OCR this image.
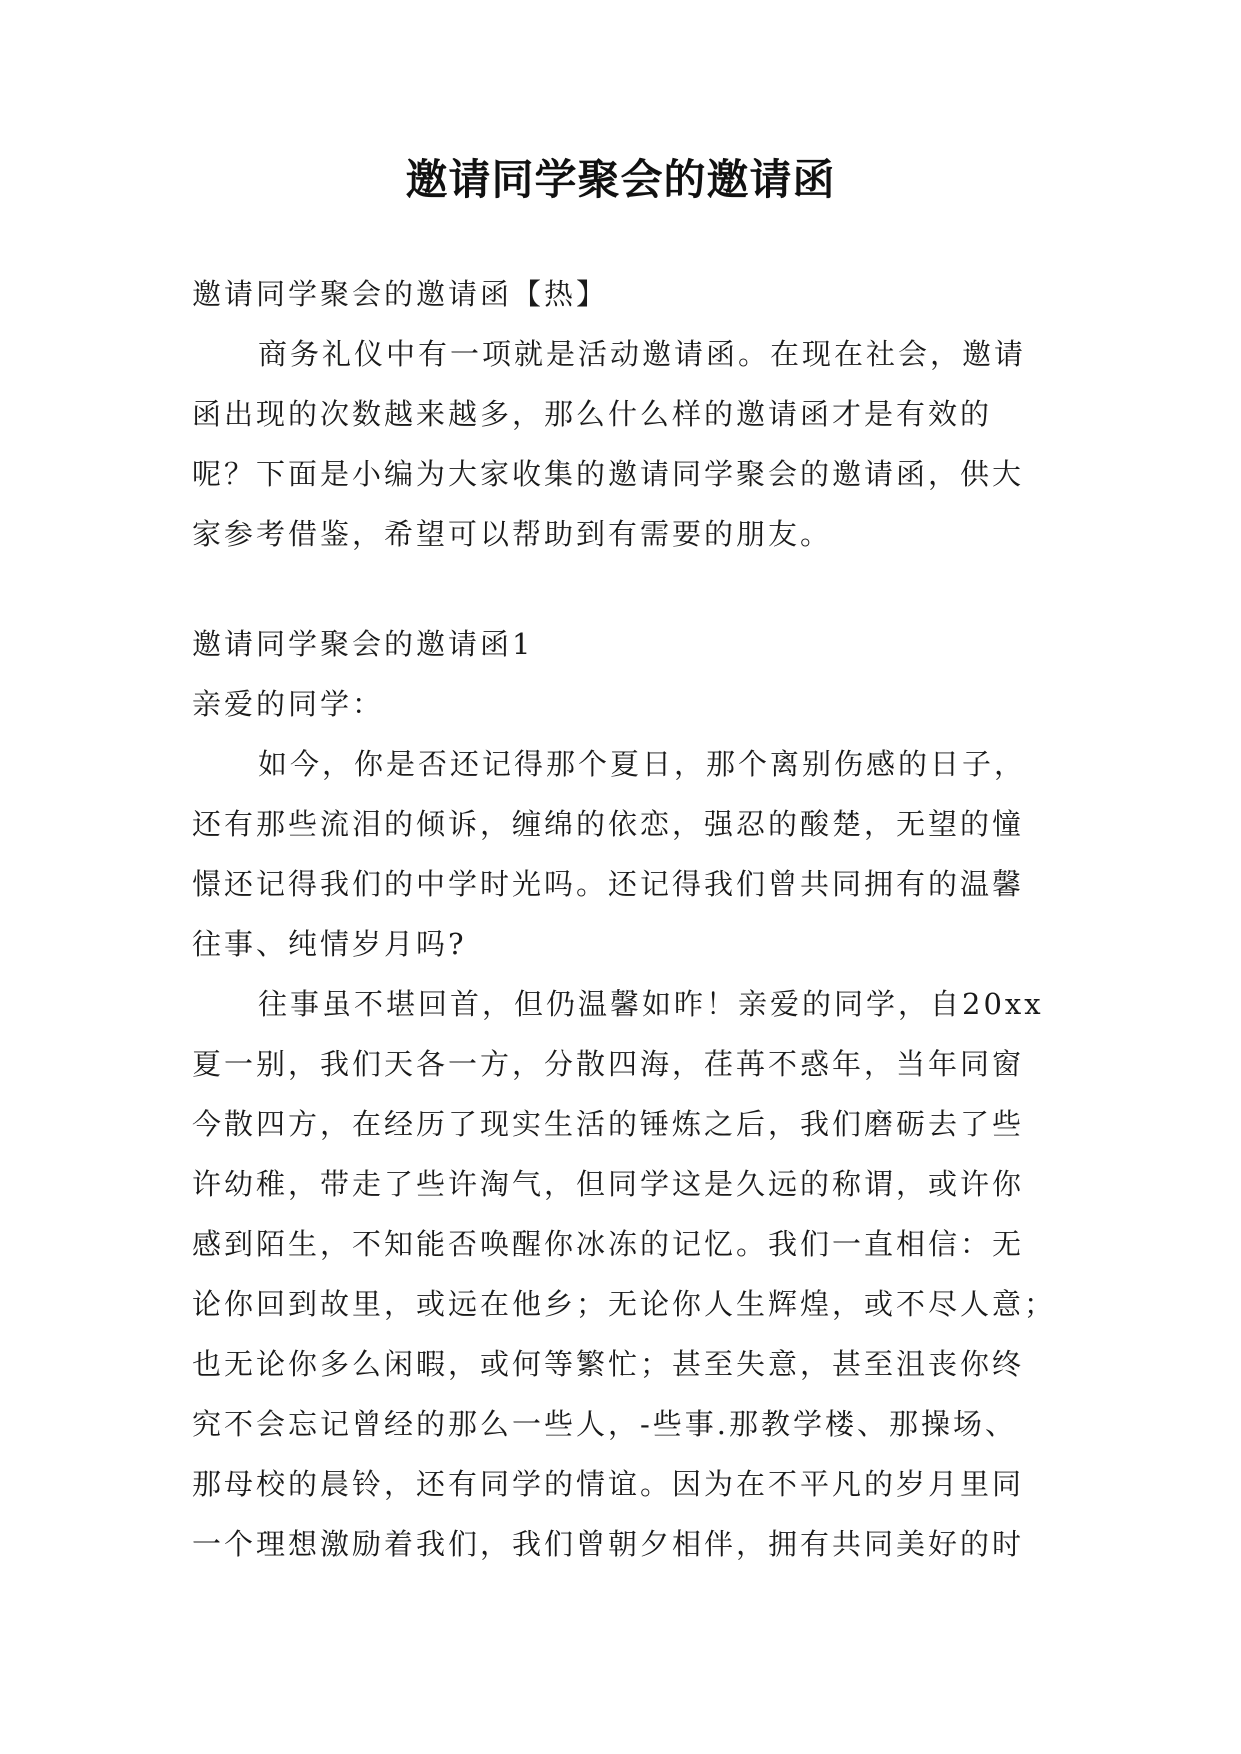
邀请同学聚会的邀请函

邀请同学聚会的邀请函【热】

商务礼仪中有一项就是活动邀请函。在现在社会，邀请

函出现的次数越来越多，那么什么样的邀请函才是有效的

呢？下面是小编为大家收集的邀请同学聚会的邀请函，供大

家参考借鉴，希望可以帮助到有需要的朋友。

邀请同学聚会的邀请函1

亲爱的同学：

如今，你是否还记得那个夏日，那个离别伤感的日子，

还有那些流泪的倾诉，缠绵的依恋，强忍的酸楚，无望的憧

憬还记得我们的中学时光吗。还记得我们曾共同拥有的温馨

往事、纯情岁月吗?

往事虽不堪回首，但仍温馨如昨！亲爱的同学，自20xx

夏一别，我们天各一方，分散四海，荏苒不惑年，当年同窗

今散四方，在经历了现实生活的锤炼之后，我们磨砺去了些

许幼稚，带走了些许淘气，但同学这是久远的称谓，或许你

感到陌生，不知能否唤醒你冰冻的记忆。我们一直相信：无

论你回到故里，或远在他乡；无论你人生辉煌，或不尽人意；

也无论你多么闲暇，或何等繁忙；甚至失意，甚至沮丧你终

究不会忘记曾经的那么一些人，-些事.那教学楼、那操场、

那母校的晨铃，还有同学的情谊。因为在不平凡的岁月里同

一个理想激励着我们，我们曾朝夕相伴，拥有共同美好的时
